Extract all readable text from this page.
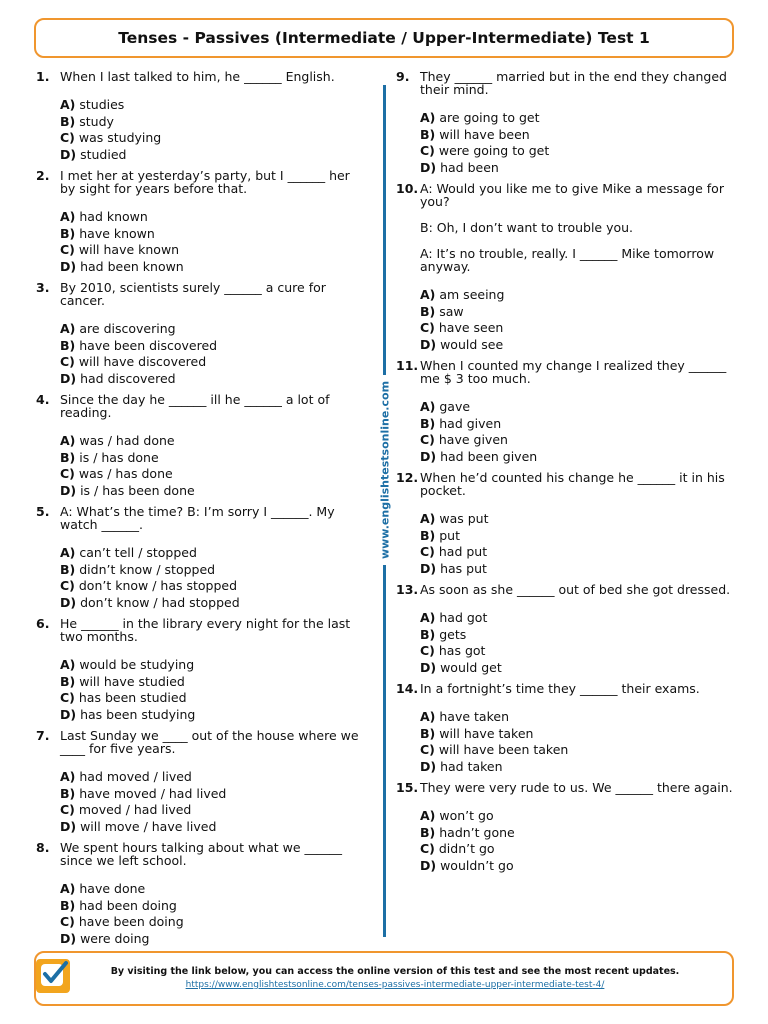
Tenses - Passives (Intermediate / Upper-Intermediate) Test 1
1. When I last talked to him, he ______ English.
A) studies
B) study
C) was studying
D) studied
2. I met her at yesterday’s party, but I ______ her by sight for years before that.
A) had known
B) have known
C) will have known
D) had been known
3. By 2010, scientists surely ______ a cure for cancer.
A) are discovering
B) have been discovered
C) will have discovered
D) had discovered
4. Since the day he ______ ill he ______ a lot of reading.
A) was / had done
B) is / has done
C) was / has done
D) is / has been done
5. A: What’s the time? B: I’m sorry I ______. My watch ______.
A) can’t tell / stopped
B) didn’t know / stopped
C) don’t know / has stopped
D) don’t know / had stopped
6. He ______ in the library every night for the last two months.
A) would be studying
B) will have studied
C) has been studied
D) has been studying
7. Last Sunday we ____ out of the house where we ____ for five years.
A) had moved / lived
B) have moved / had lived
C) moved / had lived
D) will move / have lived
8. We spent hours talking about what we ______ since we left school.
A) have done
B) had been doing
C) have been doing
D) were doing
www.englishtestsonline.com
9. They ______ married but in the end they changed their mind.
A) are going to get
B) will have been
C) were going to get
D) had been
10. A: Would you like me to give Mike a message for you?
B: Oh, I don’t want to trouble you.
A: It’s no trouble, really. I ______ Mike tomorrow anyway.
A) am seeing
B) saw
C) have seen
D) would see
11. When I counted my change I realized they ______ me $ 3 too much.
A) gave
B) had given
C) have given
D) had been given
12. When he’d counted his change he ______ it in his pocket.
A) was put
B) put
C) had put
D) has put
13. As soon as she ______ out of bed she got dressed.
A) had got
B) gets
C) has got
D) would get
14. In a fortnight’s time they ______ their exams.
A) have taken
B) will have taken
C) will have been taken
D) had taken
15. They were very rude to us. We ______ there again.
A) won’t go
B) hadn’t gone
C) didn’t go
D) wouldn’t go
By visiting the link below, you can access the online version of this test and see the most recent updates.
https://www.englishtestsonline.com/tenses-passives-intermediate-upper-intermediate-test-4/
